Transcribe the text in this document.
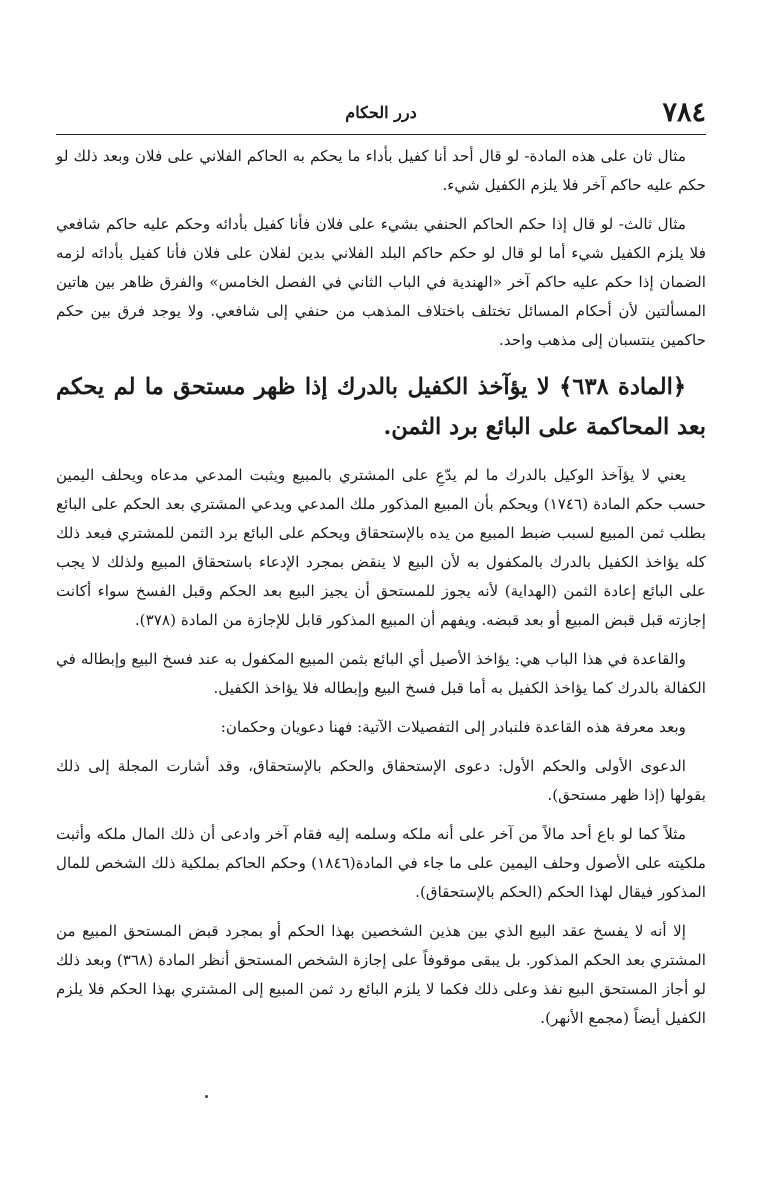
٧٨٤
درر الحكام

مثال ثان على هذه المادة- لو قال أحد أنا كفيل بأداء ما يحكم به الحاكم الفلاني على فلان وبعد ذلك لو حكم عليه حاكم آخر فلا يلزم الكفيل شيء.

مثال ثالث- لو قال إذا حكم الحاكم الحنفي بشيء على فلان فأنا كفيل بأدائه وحكم عليه حاكم شافعي فلا يلزم الكفيل شيء أما لو قال لو حكم حاكم البلد الفلاني بدين لفلان على فلان فأنا كفيل بأدائه لزمه الضمان إذا حكم عليه حاكم آخر «الهندية في الباب الثاني في الفصل الخامس» والفرق ظاهر بين هاتين المسألتين لأن أحكام المسائل تختلف باختلاف المذهب من حنفي إلى شافعي. ولا يوجد فرق بين حكم حاكمين ينتسبان إلى مذهب واحد.

﴿المادة ٦٣٨﴾ لا يؤآخذ الكفيل بالدرك إذا ظهر مستحق ما لم يحكم بعد المحاكمة على البائع برد الثمن.

يعني لا يؤآخذ الوكيل بالدرك ما لم يدّعِ على المشتري بالمبيع ويثبت المدعي مدعاه ويحلف اليمين حسب حكم المادة (١٧٤٦) ويحكم بأن المبيع المذكور ملك المدعي ويدعي المشتري بعد الحكم على البائع بطلب ثمن المبيع لسبب ضبط المبيع من يده بالإستحقاق ويحكم على البائع برد الثمن للمشتري فبعد ذلك كله يؤاخذ الكفيل بالدرك بالمكفول به لأن البيع لا ينقض بمجرد الإدعاء باستحقاق المبيع ولذلك لا يجب على البائع إعادة الثمن (الهداية) لأنه يجوز للمستحق أن يجيز البيع بعد الحكم وقبل الفسخ سواء أكانت إجازته قبل قبض المبيع أو بعد قبضه. ويفهم أن المبيع المذكور قابل للإجازة من المادة (٣٧٨).

والقاعدة في هذا الباب هي: يؤاخذ الأصيل أي البائع بثمن المبيع المكفول به عند فسخ البيع وإبطاله في الكفالة بالدرك كما يؤاخذ الكفيل به أما قبل فسخ البيع وإبطاله فلا يؤاخذ الكفيل.

وبعد معرفة هذه القاعدة فلنبادر إلى التفصيلات الآتية: فهنا دعويان وحكمان:

الدعوى الأولى والحكم الأول: دعوى الإستحقاق والحكم بالإستحقاق، وقد أشارت المجلة إلى ذلك بقولها (إذا ظهر مستحق).

مثلاً كما لو باع أحد مالاً من آخر على أنه ملكه وسلمه إليه فقام آخر وادعى أن ذلك المال ملكه وأثبت ملكيته على الأصول وحلف اليمين على ما جاء في المادة(١٨٤٦) وحكم الحاكم بملكية ذلك الشخص للمال المذكور فيقال لهذا الحكم (الحكم بالإستحقاق).

إلا أنه لا يفسخ عقد البيع الذي بين هذين الشخصين بهذا الحكم أو بمجرد قبض المستحق المبيع من المشتري بعد الحكم المذكور. بل يبقى موقوفاً على إجازة الشخص المستحق أنظر المادة (٣٦٨) وبعد ذلك لو أجاز المستحق البيع نفذ وعلى ذلك فكما لا يلزم البائع رد ثمن المبيع إلى المشتري بهذا الحكم فلا يلزم الكفيل أيضاً (مجمع الأنهر).
